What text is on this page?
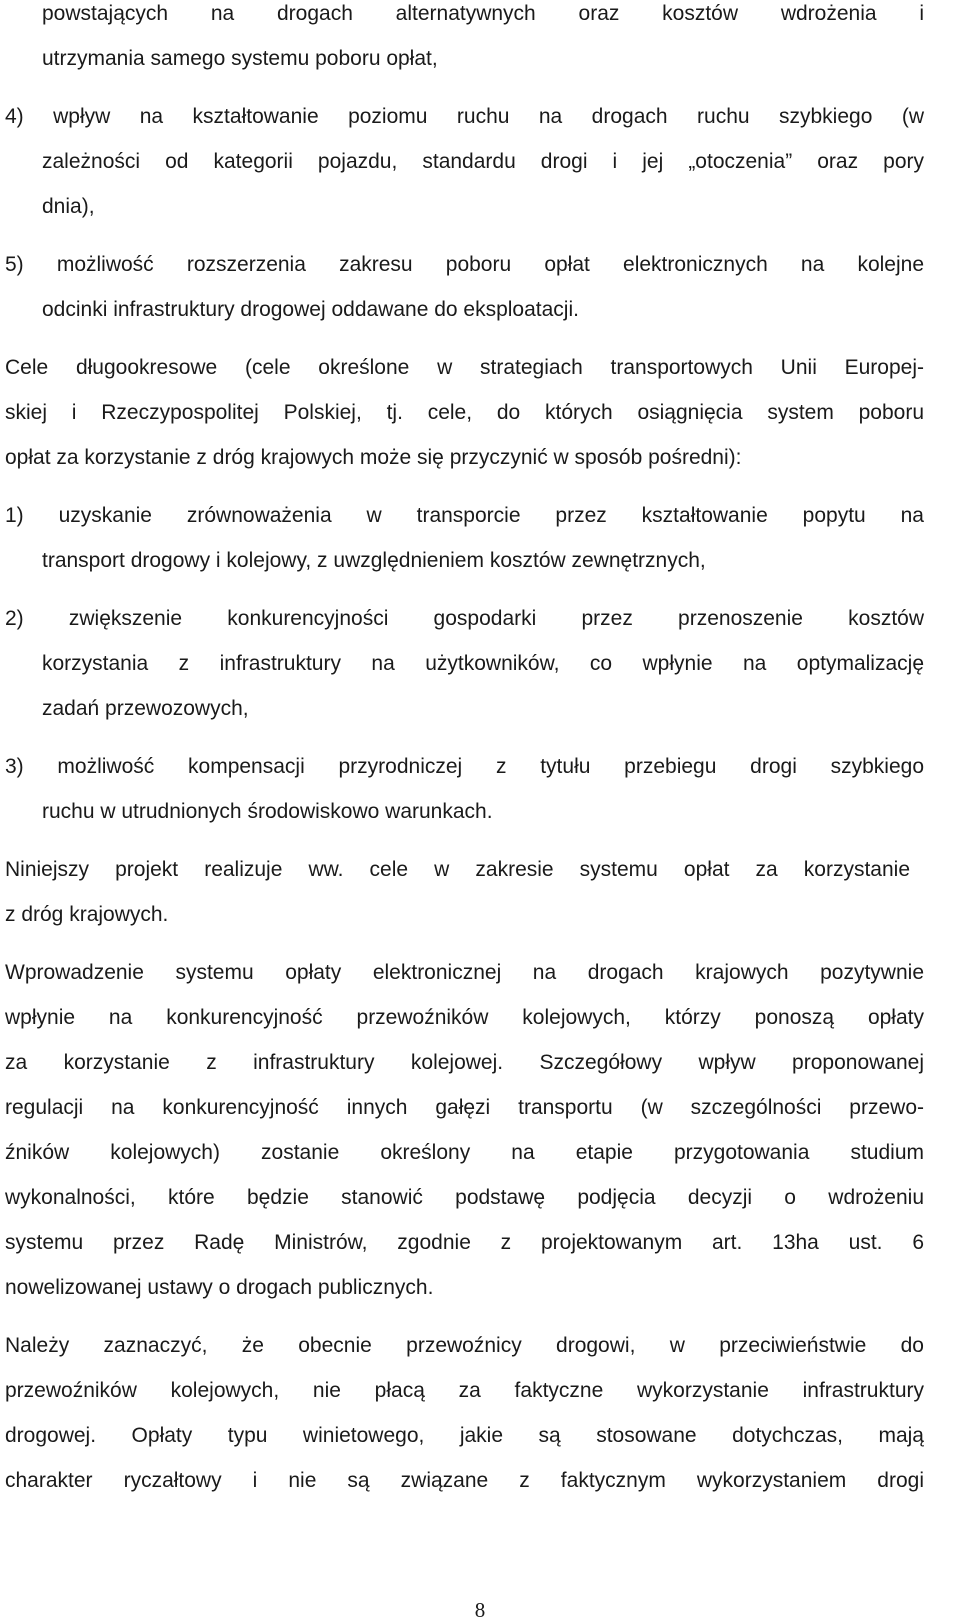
powstających na drogach alternatywnych oraz kosztów wdrożenia i
utrzymania samego systemu poboru opłat,
4) wpływ na kształtowanie poziomu ruchu na drogach ruchu szybkiego (w
zależności od kategorii pojazdu, standardu drogi i jej „otoczenia” oraz pory
dnia),
5) możliwość rozszerzenia zakresu poboru opłat elektronicznych na kolejne
odcinki infrastruktury drogowej oddawane do eksploatacji.
Cele długookresowe (cele określone w strategiach transportowych Unii Europej-
skiej i Rzeczypospolitej Polskiej, tj. cele, do których osiągnięcia system poboru
opłat za korzystanie z dróg krajowych może się przyczynić w sposób pośredni):
1) uzyskanie zrównoważenia w transporcie przez kształtowanie popytu na
transport drogowy i kolejowy, z uwzględnieniem kosztów zewnętrznych,
2) zwiększenie konkurencyjności gospodarki przez przenoszenie kosztów
korzystania z infrastruktury na użytkowników, co wpłynie na optymalizację
zadań przewozowych,
3) możliwość kompensacji przyrodniczej z tytułu przebiegu drogi szybkiego
ruchu w utrudnionych środowiskowo warunkach.
Niniejszy projekt realizuje ww. cele w zakresie systemu opłat za korzystanie
z dróg krajowych.
Wprowadzenie systemu opłaty elektronicznej na drogach krajowych pozytywnie
wpłynie na konkurencyjność przewoźników kolejowych, którzy ponoszą opłaty
za korzystanie z infrastruktury kolejowej. Szczegółowy wpływ proponowanej
regulacji na konkurencyjność innych gałęzi transportu (w szczególności przewo-
źników kolejowych) zostanie określony na etapie przygotowania studium
wykonalności, które będzie stanowić podstawę podjęcia decyzji o wdrożeniu
systemu przez Radę Ministrów, zgodnie z projektowanym art. 13ha ust. 6
nowelizowanej ustawy o drogach publicznych.
Należy zaznaczyć, że obecnie przewoźnicy drogowi, w przeciwieństwie do
przewoźników kolejowych, nie płacą za faktyczne wykorzystanie infrastruktury
drogowej. Opłaty typu winietowego, jakie są stosowane dotychczas, mają
charakter ryczałtowy i nie są związane z faktycznym wykorzystaniem drogi
8
